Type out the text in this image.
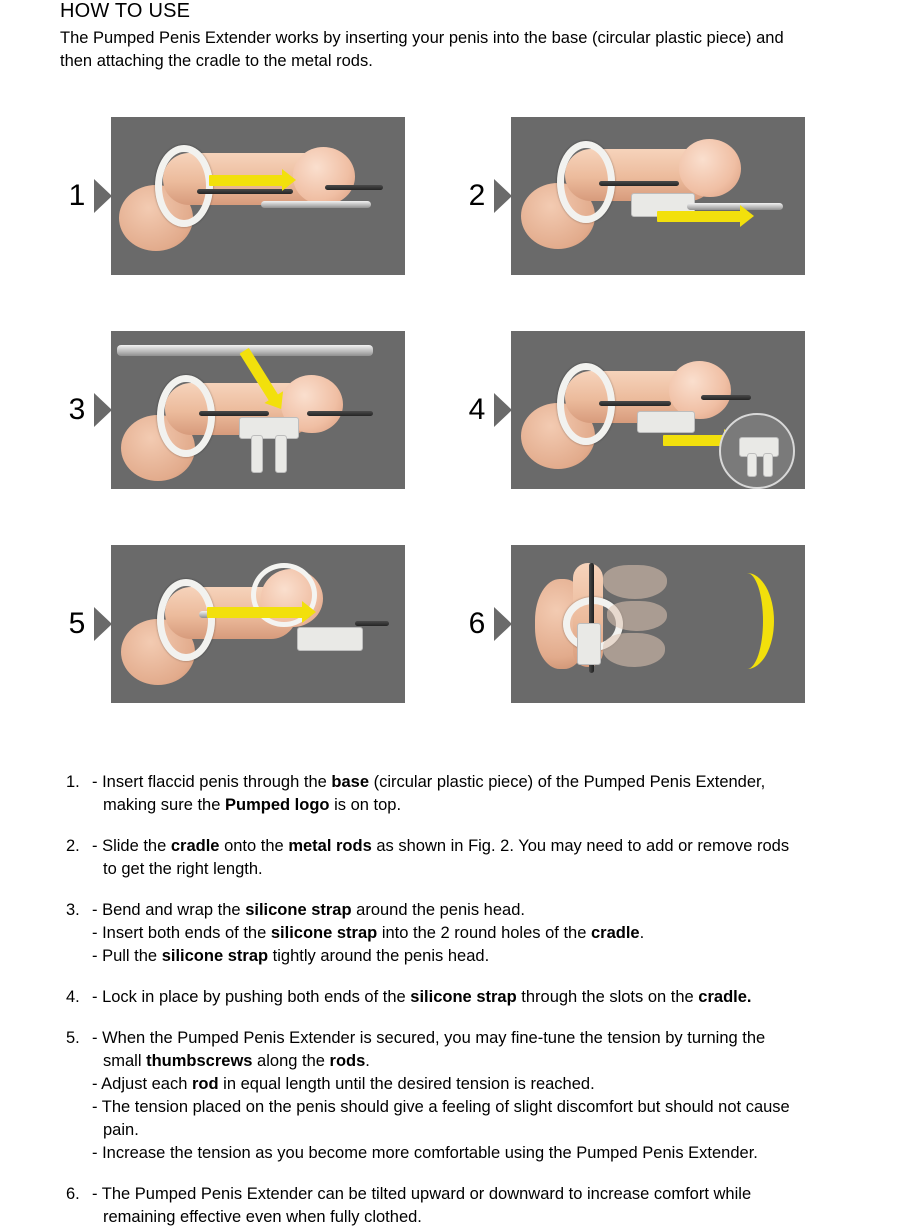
HOW TO USE

The Pumped Penis Extender works by inserting your penis into the base (circular plastic piece) and then attaching the cradle to the metal rods.

1	2
3	4
5	6
1. - Insert flaccid penis through the base (circular plastic piece) of the Pumped Penis Extender, making sure the Pumped logo is on top.
2. - Slide the cradle onto the metal rods as shown in Fig. 2. You may need to add or remove rods to get the right length.
3. - Bend and wrap the silicone strap around the penis head.
- Insert both ends of the silicone strap into the 2 round holes of the cradle.
- Pull the silicone strap tightly around the penis head.
4. - Lock in place by pushing both ends of the silicone strap through the slots on the cradle.
5. - When the Pumped Penis Extender is secured, you may fine-tune the tension by turning the small thumbscrews along the rods.
- Adjust each rod in equal length until the desired tension is reached.
- The tension placed on the penis should give a feeling of slight discomfort but should not cause pain.
- Increase the tension as you become more comfortable using the Pumped Penis Extender.
6. - The Pumped Penis Extender can be tilted upward or downward to increase comfort while remaining effective even when fully clothed.
